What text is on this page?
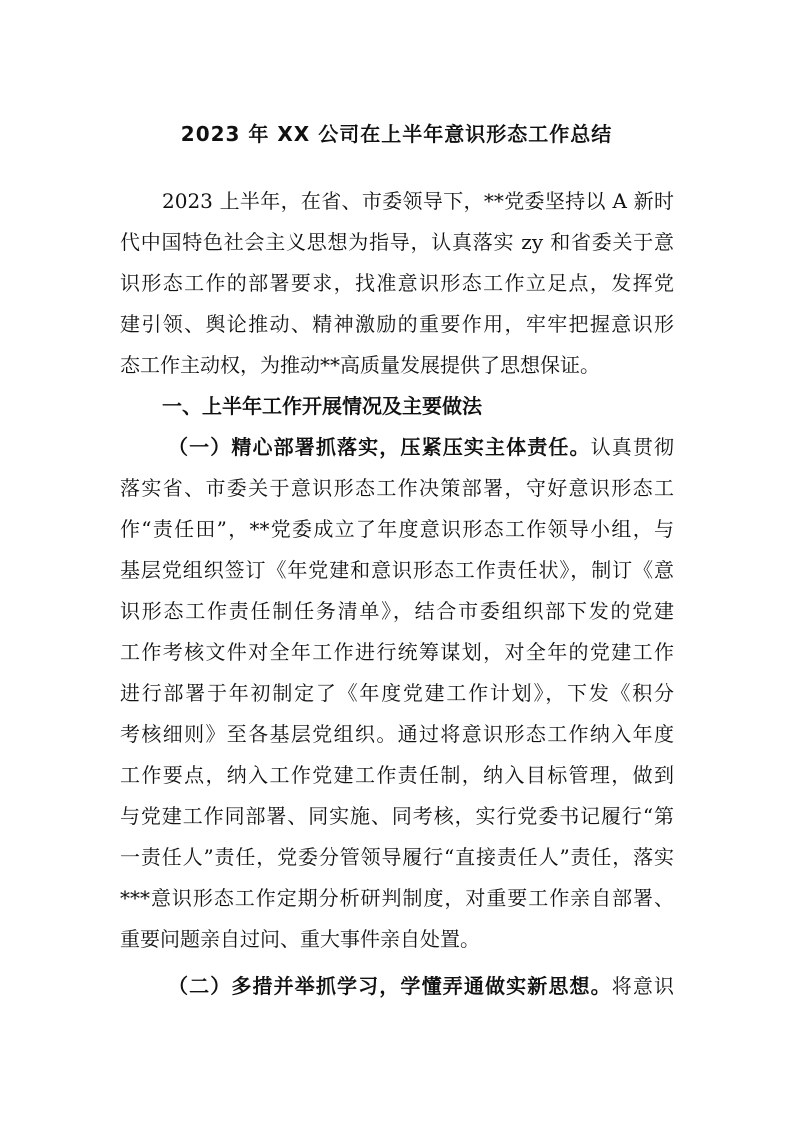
2023 年 XX 公司在上半年意识形态工作总结

2023 上半年，在省、市委领导下，**党委坚持以 A 新时

代中国特色社会主义思想为指导，认真落实 zy 和省委关于意

识形态工作的部署要求，找准意识形态工作立足点，发挥党

建引领、舆论推动、精神激励的重要作用，牢牢把握意识形

态工作主动权，为推动**高质量发展提供了思想保证。

一、上半年工作开展情况及主要做法

（一）精心部署抓落实，压紧压实主体责任。认真贯彻

落实省、市委关于意识形态工作决策部署，守好意识形态工

作“责任田”，**党委成立了年度意识形态工作领导小组，与

基层党组织签订《年党建和意识形态工作责任状》，制订《意

识形态工作责任制任务清单》，结合市委组织部下发的党建

工作考核文件对全年工作进行统筹谋划，对全年的党建工作

进行部署于年初制定了《年度党建工作计划》，下发《积分

考核细则》至各基层党组织。通过将意识形态工作纳入年度

工作要点，纳入工作党建工作责任制，纳入目标管理，做到

与党建工作同部署、同实施、同考核，实行党委书记履行“第

一责任人”责任，党委分管领导履行“直接责任人”责任，落实

***意识形态工作定期分析研判制度，对重要工作亲自部署、

重要问题亲自过问、重大事件亲自处置。

（二）多措并举抓学习，学懂弄通做实新思想。将意识
